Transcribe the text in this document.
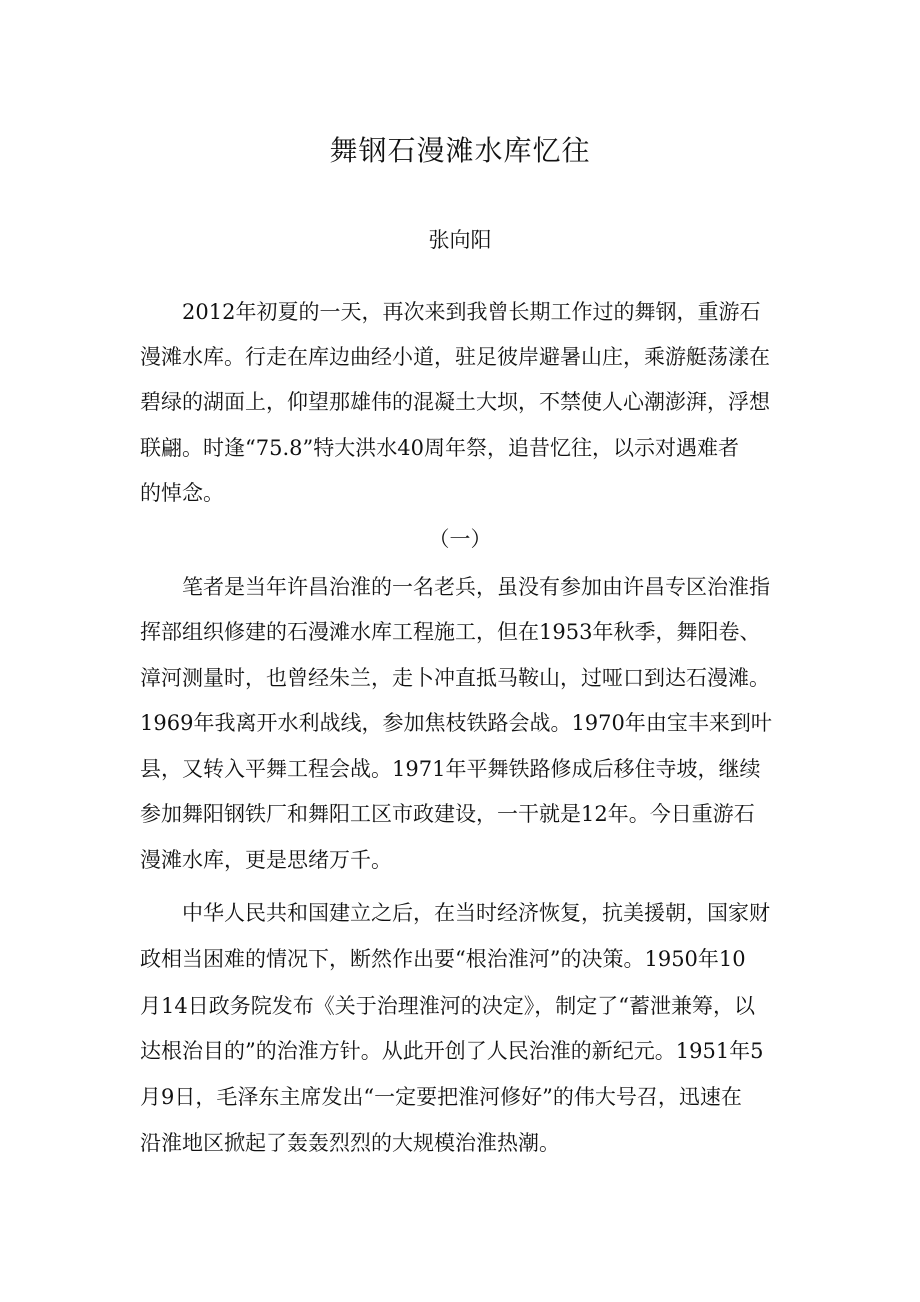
舞钢石漫滩水库忆往
张向阳
2012年初夏的一天，再次来到我曾长期工作过的舞钢，重游石
漫滩水库。行走在库边曲经小道，驻足彼岸避暑山庄，乘游艇荡漾在
碧绿的湖面上，仰望那雄伟的混凝土大坝，不禁使人心潮澎湃，浮想
联翩。时逢“75.8”特大洪水40周年祭，追昔忆往，以示对遇难者
的悼念。
（一）
笔者是当年许昌治淮的一名老兵，虽没有参加由许昌专区治淮指
挥部组织修建的石漫滩水库工程施工，但在1953年秋季，舞阳卷、
漳河测量时，也曾经朱兰，走卜冲直抵马鞍山，过哑口到达石漫滩。
1969年我离开水利战线，参加焦枝铁路会战。1970年由宝丰来到叶
县，又转入平舞工程会战。1971年平舞铁路修成后移住寺坡，继续
参加舞阳钢铁厂和舞阳工区市政建设，一干就是12年。今日重游石
漫滩水库，更是思绪万千。
中华人民共和国建立之后，在当时经济恢复，抗美援朝，国家财
政相当困难的情况下，断然作出要“根治淮河”的决策。1950年10
月14日政务院发布《关于治理淮河的决定》，制定了“蓄泄兼筹，以
达根治目的”的治淮方针。从此开创了人民治淮的新纪元。1951年5
月9日，毛泽东主席发出“一定要把淮河修好”的伟大号召，迅速在
沿淮地区掀起了轰轰烈烈的大规模治淮热潮。
